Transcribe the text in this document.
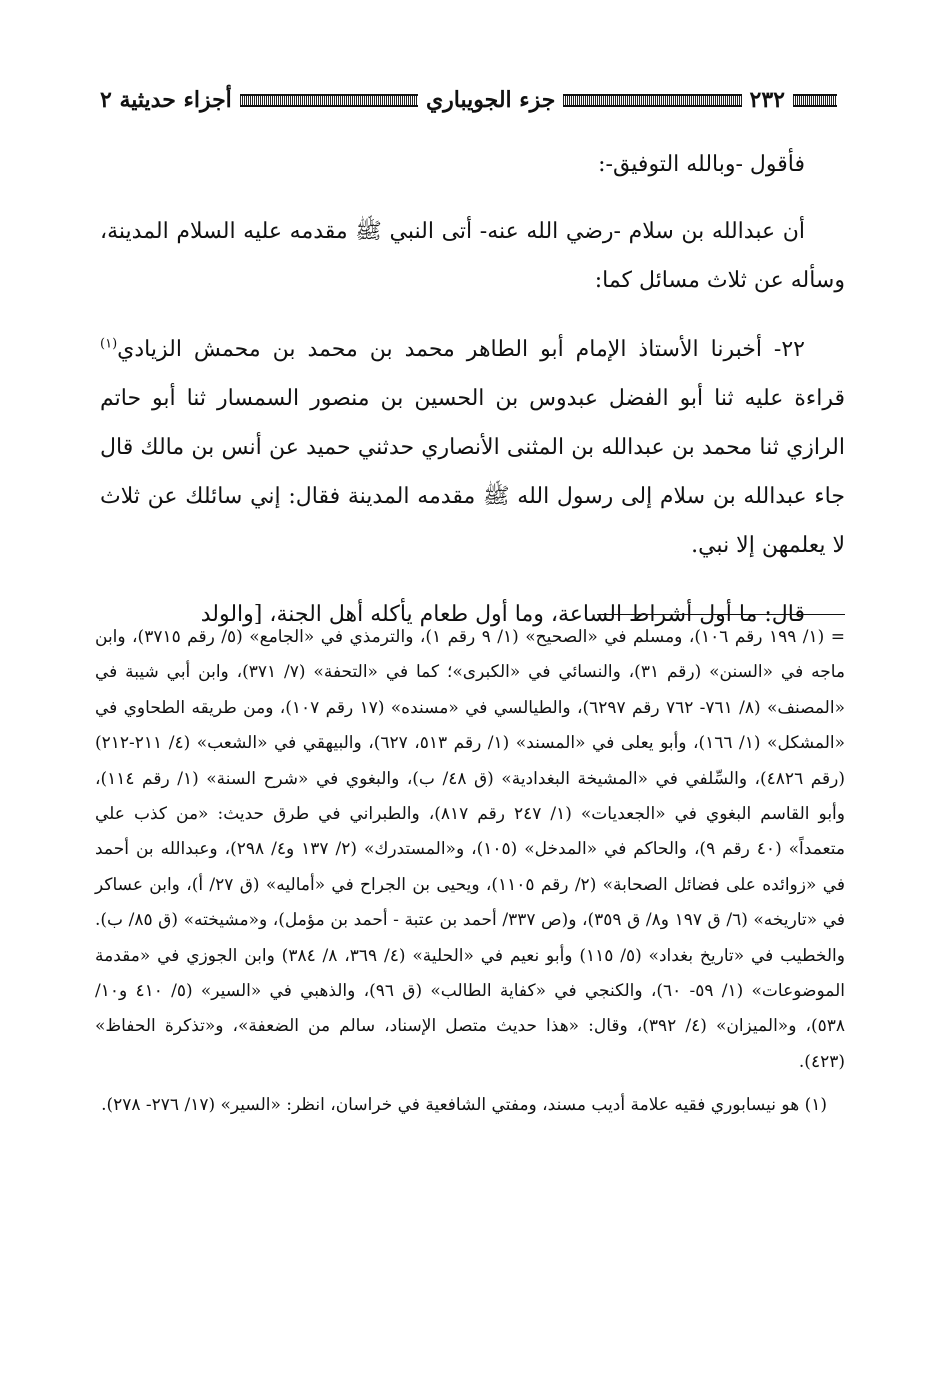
٢٣٢
جزء الجويباري
أجزاء حديثية ٢

فأقول -وبالله التوفيق-:

أن عبدالله بن سلام -رضي الله عنه- أتى النبي ﷺ مقدمه عليه السلام المدينة، وسأله عن ثلاث مسائل كما:

٢٢- أخبرنا الأستاذ الإمام أبو الطاهر محمد بن محمد بن محمش الزيادي$^{(١)}$ قراءة عليه ثنا أبو الفضل عبدوس بن الحسين بن منصور السمسار ثنا أبو حاتم الرازي ثنا محمد بن عبدالله بن المثنى الأنصاري حدثني حميد عن أنس بن مالك قال جاء عبدالله بن سلام إلى رسول الله ﷺ مقدمه المدينة فقال: إني سائلك عن ثلاث لا يعلمهن إلا نبي.

قال: ما أول أشراط الساعة، وما أول طعام يأكله أهل الجنة، [والولد

= (١/ ١٩٩ رقم ١٠٦)، ومسلم في «الصحيح» (١/ ٩ رقم ١)، والترمذي في «الجامع» (٥/ رقم ٣٧١٥)، وابن ماجه في «السنن» (رقم ٣١)، والنسائي في «الكبرى»؛ كما في «التحفة» (٧/ ٣٧١)، وابن أبي شيبة في «المصنف» (٨/ ٧٦١- ٧٦٢ رقم ٦٢٩٧)، والطيالسي في «مسنده» (١٧ رقم ١٠٧)، ومن طريقه الطحاوي في «المشكل» (١/ ١٦٦)، وأبو يعلى في «المسند» (١/ رقم ٥١٣، ٦٢٧)، والبيهقي في «الشعب» (٤/ ٢١١-٢١٢) (رقم ٤٨٢٦)، والسِّلفي في «المشيخة البغدادية» (ق ٤٨/ ب)، والبغوي في «شرح السنة» (١/ رقم ١١٤)، وأبو القاسم البغوي في «الجعديات» (١/ ٢٤٧ رقم ٨١٧)، والطبراني في طرق حديث: «من كذب علي متعمداً» (٤٠ رقم ٩)، والحاكم في «المدخل» (١٠٥)، و«المستدرك» (٢/ ١٣٧ و٤/ ٢٩٨)، وعبدالله بن أحمد في «زوائده على فضائل الصحابة» (٢/ رقم ١١٠٥)، ويحيى بن الجراح في «أماليه» (ق ٢٧/ أ)، وابن عساكر في «تاريخه» (٦/ ق ١٩٧ و٨/ ق ٣٥٩)، و(ص ٣٣٧/ أحمد بن عتبة - أحمد بن مؤمل)، و«مشيخته» (ق ٨٥/ ب). والخطيب في «تاريخ بغداد» (٥/ ١١٥) وأبو نعيم في «الحلية» (٤/ ٣٦٩، ٨/ ٣٨٤) وابن الجوزي في «مقدمة الموضوعات» (١/ ٥٩- ٦٠)، والكنجي في «كفاية الطالب» (ق ٩٦)، والذهبي في «السير» (٥/ ٤١٠ و١٠/ ٥٣٨)، و«الميزان» (٤/ ٣٩٢)، وقال: «هذا حديث متصل الإسناد، سالم من الضعفة»، و«تذكرة الحفاظ» (٤٢٣).

(١) هو نيسابوري فقيه علامة أديب مسند، ومفتي الشافعية في خراسان، انظر: «السير» (١٧/ ٢٧٦- ٢٧٨).
